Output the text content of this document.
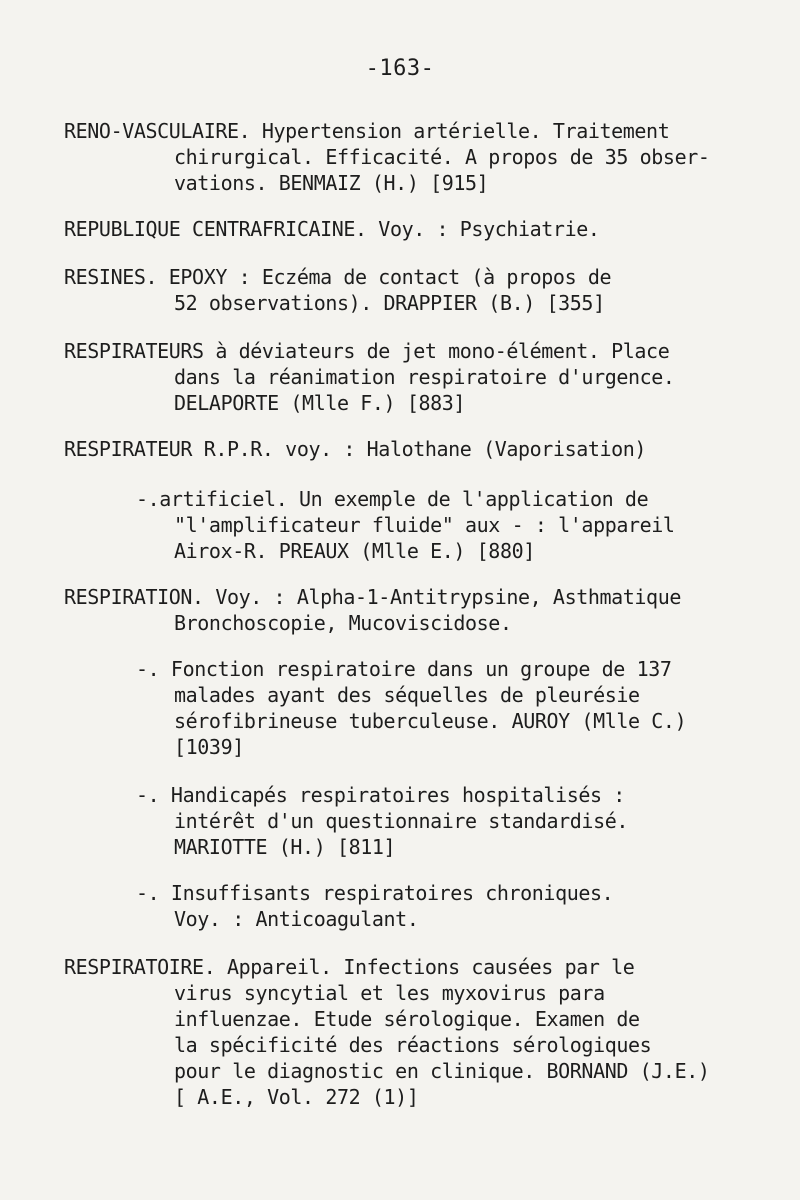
-163-
RENO-VASCULAIRE. Hypertension artérielle. Traitement
chirurgical. Efficacité. A propos de 35 obser-
vations. BENMAIZ (H.) [915]
REPUBLIQUE CENTRAFRICAINE. Voy. : Psychiatrie.
RESINES. EPOXY : Eczéma de contact (à propos de
52 observations). DRAPPIER (B.) [355]
RESPIRATEURS à déviateurs de jet mono-élément. Place
dans la réanimation respiratoire d'urgence.
DELAPORTE (Mlle F.) [883]
RESPIRATEUR R.P.R. voy. : Halothane (Vaporisation)
-.artificiel. Un exemple de l'application de
"l'amplificateur fluide" aux - : l'appareil
Airox-R. PREAUX (Mlle E.) [880]
RESPIRATION. Voy. : Alpha-1-Antitrypsine, Asthmatique
Bronchoscopie, Mucoviscidose.
-. Fonction respiratoire dans un groupe de 137
malades ayant des séquelles de pleurésie
sérofibrineuse tuberculeuse. AUROY (Mlle C.)
[1039]
-. Handicapés respiratoires hospitalisés :
intérêt d'un questionnaire standardisé.
MARIOTTE (H.) [811]
-. Insuffisants respiratoires chroniques.
Voy. : Anticoagulant.
RESPIRATOIRE. Appareil. Infections causées par le
virus syncytial et les myxovirus para
influenzae. Etude sérologique. Examen de
la spécificité des réactions sérologiques
pour le diagnostic en clinique. BORNAND (J.E.)
[ A.E., Vol. 272 (1)]
